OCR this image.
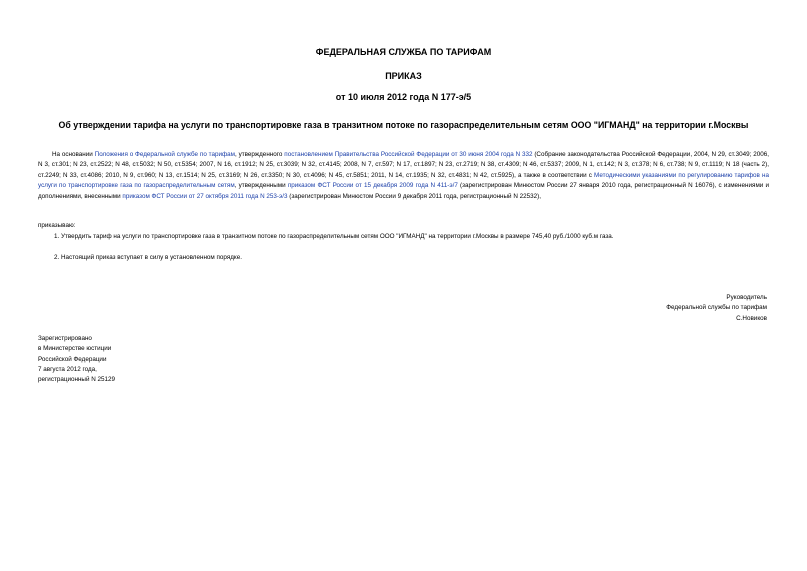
ФЕДЕРАЛЬНАЯ СЛУЖБА ПО ТАРИФАМ
ПРИКАЗ
от 10 июля 2012 года N 177-э/5
Об утверждении тарифа на услуги по транспортировке газа в транзитном потоке по газораспределительным сетям ООО "ИГМАНД" на территории г.Москвы
На основании Положения о Федеральной службе по тарифам, утвержденного постановлением Правительства Российской Федерации от 30 июня 2004 года N 332 (Собрание законодательства Российской Федерации, 2004, N 29, ст.3049; 2006, N 3, ст.301; N 23, ст.2522; N 48, ст.5032; N 50, ст.5354; 2007, N 16, ст.1912; N 25, ст.3039; N 32, ст.4145; 2008, N 7, ст.597; N 17, ст.1897; N 23, ст.2719; N 38, ст.4309; N 46, ст.5337; 2009, N 1, ст.142; N 3, ст.378; N 6, ст.738; N 9, ст.1119; N 18 (часть 2), ст.2249; N 33, ст.4086; 2010, N 9, ст.960; N 13, ст.1514; N 25, ст.3169; N 26, ст.3350; N 30, ст.4096; N 45, ст.5851; 2011, N 14, ст.1935; N 32, ст.4831; N 42, ст.5925), а также в соответствии с Методическими указаниями по регулированию тарифов на услуги по транспортировке газа по газораспределительным сетям, утвержденными приказом ФСТ России от 15 декабря 2009 года N 411-э/7 (зарегистрирован Минюстом России 27 января 2010 года, регистрационный N 16076), с изменениями и дополнениями, внесенными приказом ФСТ России от 27 октября 2011 года N 253-э/3 (зарегистрирован Минюстом России 9 декабря 2011 года, регистрационный N 22532),
приказываю:
1. Утвердить тариф на услуги по транспортировке газа в транзитном потоке по газораспределительным сетям ООО "ИГМАНД" на территории г.Москвы в размере 745,40 руб./1000 куб.м газа.
2. Настоящий приказ вступает в силу в установленном порядке.
Руководитель
Федеральной службы по тарифам
С.Новиков
Зарегистрировано
в Министерстве юстиции
Российской Федерации
7 августа 2012 года,
регистрационный N 25129
